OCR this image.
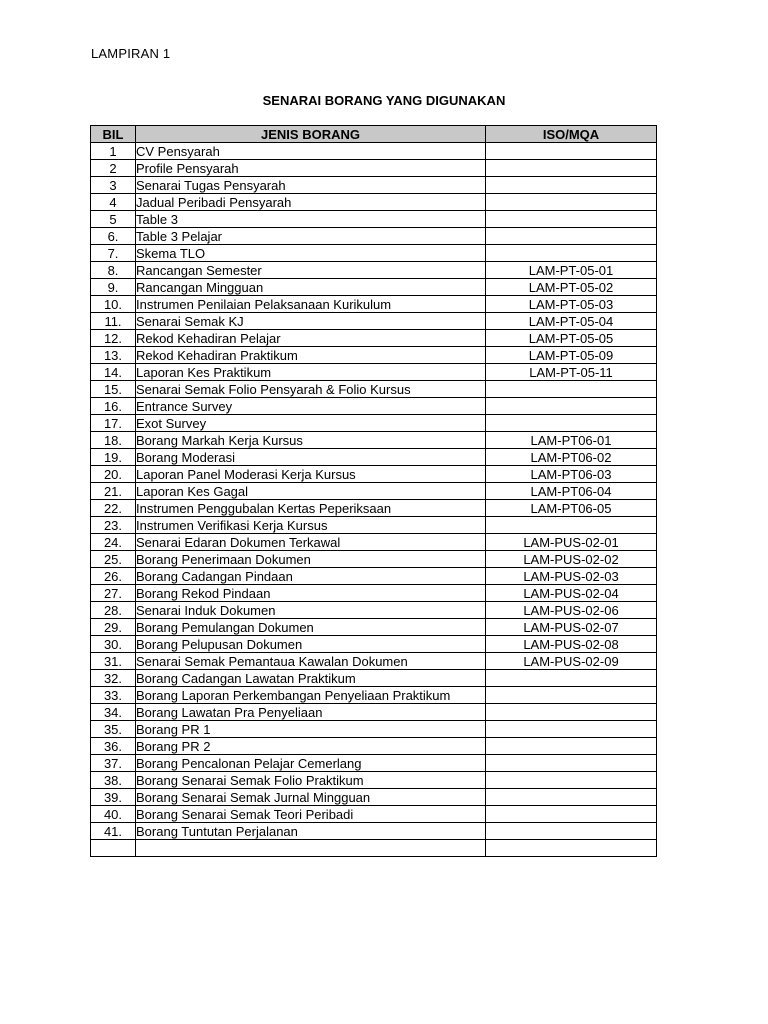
LAMPIRAN 1
SENARAI BORANG YANG DIGUNAKAN
BIL	JENIS BORANG	ISO/MQA
1	CV Pensyarah	
2	Profile Pensyarah	
3	Senarai Tugas Pensyarah	
4	Jadual Peribadi Pensyarah	
5	Table 3	
6.	Table 3 Pelajar	
7.	Skema TLO	
8.	Rancangan Semester	LAM-PT-05-01
9.	Rancangan Mingguan	LAM-PT-05-02
10.	Instrumen Penilaian Pelaksanaan Kurikulum	LAM-PT-05-03
11.	Senarai Semak KJ	LAM-PT-05-04
12.	Rekod Kehadiran Pelajar	LAM-PT-05-05
13.	Rekod Kehadiran Praktikum	LAM-PT-05-09
14.	Laporan Kes Praktikum	LAM-PT-05-11
15.	Senarai Semak Folio Pensyarah & Folio Kursus	
16.	Entrance Survey	
17.	Exot Survey	
18.	Borang Markah Kerja Kursus	LAM-PT06-01
19.	Borang Moderasi	LAM-PT06-02
20.	Laporan Panel Moderasi Kerja Kursus	LAM-PT06-03
21.	Laporan Kes Gagal	LAM-PT06-04
22.	Instrumen Penggubalan Kertas Peperiksaan	LAM-PT06-05
23.	Instrumen Verifikasi Kerja Kursus	
24.	Senarai Edaran Dokumen Terkawal	LAM-PUS-02-01
25.	Borang Penerimaan Dokumen	LAM-PUS-02-02
26.	Borang Cadangan Pindaan	LAM-PUS-02-03
27.	Borang Rekod Pindaan	LAM-PUS-02-04
28.	Senarai Induk Dokumen	LAM-PUS-02-06
29.	Borang Pemulangan Dokumen	LAM-PUS-02-07
30.	Borang Pelupusan Dokumen	LAM-PUS-02-08
31.	Senarai Semak Pemantaua Kawalan Dokumen	LAM-PUS-02-09
32.	Borang Cadangan Lawatan Praktikum	
33.	Borang Laporan Perkembangan Penyeliaan Praktikum	
34.	Borang Lawatan Pra Penyeliaan	
35.	Borang PR 1	
36.	Borang PR 2	
37.	Borang Pencalonan Pelajar Cemerlang	
38.	Borang Senarai Semak Folio Praktikum	
39.	Borang Senarai Semak Jurnal Mingguan	
40.	Borang Senarai Semak Teori Peribadi	
41.	Borang Tuntutan Perjalanan	
